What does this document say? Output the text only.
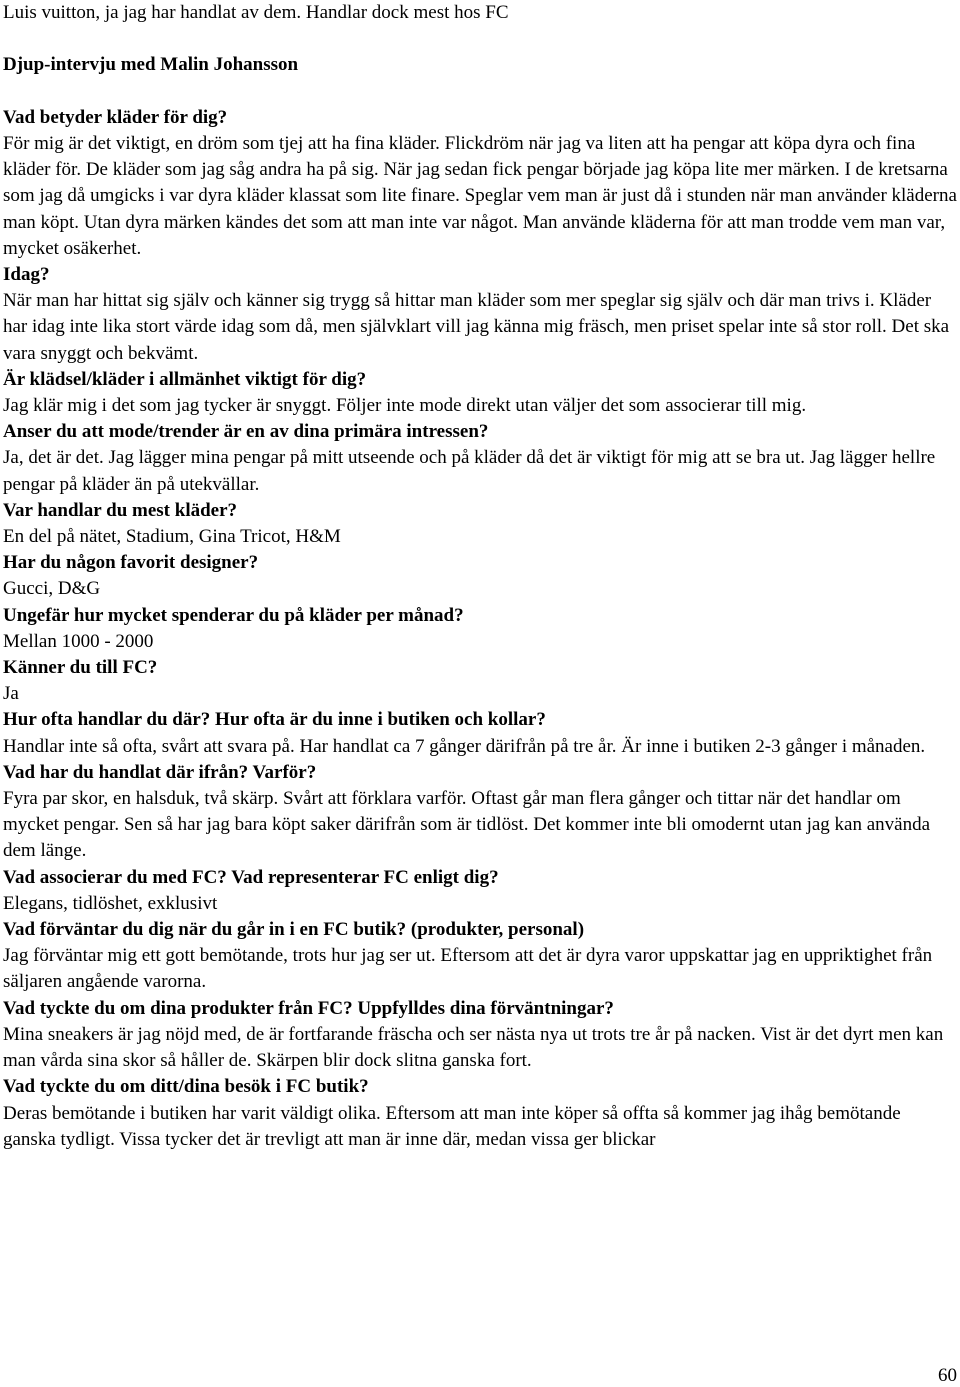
Luis vuitton, ja jag har handlat av dem. Handlar dock mest hos FC

Djup-intervju med Malin Johansson

Vad betyder kläder för dig?

För mig är det viktigt, en dröm som tjej att ha fina kläder. Flickdröm när jag va liten att ha pengar att köpa dyra och fina kläder för. De kläder som jag såg andra ha på sig. När jag sedan fick pengar började jag köpa lite mer märken. I de kretsarna som jag då umgicks i var dyra kläder klassat som lite finare. Speglar vem man är just då i stunden när man använder kläderna man köpt. Utan dyra märken kändes det som att man inte var något. Man använde kläderna för att man trodde vem man var, mycket osäkerhet.

Idag?

När man har hittat sig själv och känner sig trygg så hittar man kläder som mer speglar sig själv och där man trivs i. Kläder har idag inte lika stort värde idag som då, men självklart vill jag känna mig fräsch, men priset spelar inte så stor roll. Det ska vara snyggt och bekvämt.

Är klädsel/kläder i allmänhet viktigt för dig?

Jag klär mig i det som jag tycker är snyggt. Följer inte mode direkt utan väljer det som associerar till mig.

Anser du att mode/trender är en av dina primära intressen?

Ja, det är det. Jag lägger mina pengar på mitt utseende och på kläder då det är viktigt för mig att se bra ut. Jag lägger hellre pengar på kläder än på utekvällar.

Var handlar du mest kläder?

En del på nätet, Stadium, Gina Tricot, H&M

Har du någon favorit designer?

Gucci, D&G

Ungefär hur mycket spenderar du på kläder per månad?

Mellan 1000 - 2000

Känner du till FC?

Ja

Hur ofta handlar du där? Hur ofta är du inne i butiken och kollar?

Handlar inte så ofta, svårt att svara på. Har handlat ca 7 gånger därifrån på tre år. Är inne i butiken 2-3 gånger i månaden.

Vad har du handlat där ifrån? Varför?

Fyra par skor, en halsduk, två skärp. Svårt att förklara varför. Oftast går man flera gånger och tittar när det handlar om mycket pengar. Sen så har jag bara köpt saker därifrån som är tidlöst. Det kommer inte bli omodernt utan jag kan använda dem länge.

Vad associerar du med FC? Vad representerar FC enligt dig?

Elegans, tidlöshet, exklusivt

Vad förväntar du dig när du går in i en FC butik? (produkter, personal)

Jag förväntar mig ett gott bemötande, trots hur jag ser ut. Eftersom att det är dyra varor uppskattar jag en uppriktighet från säljaren angående varorna.

Vad tyckte du om dina produkter från FC? Uppfylldes dina förväntningar?

Mina sneakers är jag nöjd med, de är fortfarande fräscha och ser nästa nya ut trots tre år på nacken. Vist är det dyrt men kan man vårda sina skor så håller de. Skärpen blir dock slitna ganska fort.

Vad tyckte du om ditt/dina besök i FC butik?

Deras bemötande i butiken har varit väldigt olika. Eftersom att man inte köper så offta så kommer jag ihåg bemötande ganska tydligt. Vissa tycker det är trevligt att man är inne där, medan vissa ger blickar

60
